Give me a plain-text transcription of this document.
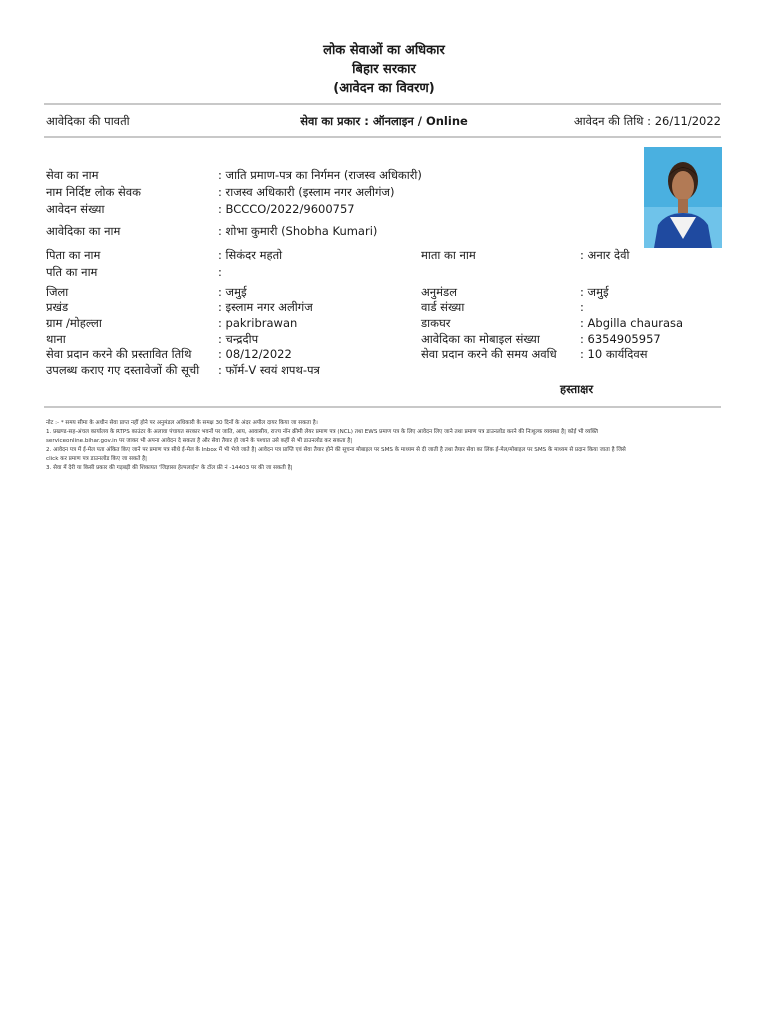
लोक सेवाओं का अधिकार
बिहार सरकार
(आवेदन का विवरण)
आवेदिका की पावती	सेवा का प्रकार : ऑनलाइन / Online	आवेदन की तिथि : 26/11/2022
सेवा का नाम	: जाति प्रमाण-पत्र का निर्गमन (राजस्व अधिकारी)
नाम निर्दिष्ट लोक सेवक	: राजस्व अधिकारी (इस्लाम नगर अलीगंज)
आवेदन संख्या	: BCCCO/2022/9600757
आवेदिका का नाम	: शोभा कुमारी (Shobha Kumari)
पिता का नाम	: सिकंदर महतो	माता का नाम	: अनार देवी
पति का नाम	:
जिला	: जमुई	अनुमंडल	: जमुई
प्रखंड	: इस्लाम नगर अलीगंज	वार्ड संख्या	:
ग्राम /मोहल्ला	: pakribrawan	डाकघर	: Abgilla chaurasa
थाना	: चन्द्रदीप	आवेदिका का मोबाइल संख्या	: 6354905957
सेवा प्रदान करने की प्रस्तावित तिथि : 08/12/2022	सेवा प्रदान करने की समय अवधि : 10 कार्यदिवस
उपलब्ध कराए गए दस्तावेजों की सूची : फॉर्म-V स्वयं शपथ-पत्र
हस्ताक्षर
नोट :- * समय सीमा के अधीन सेवा प्राप्त नहीं होने पर अनुमंडल अधिकारी के समक्ष 30 दिनों के अंदर अपील दायर किया जा सकता है।
1. प्रखण्ड-सह-अंचल कार्यालय के RTPS काउंटर के अलावा पंचायत सरकार भवनों पर जाति, आय, आवासीय, राज्य नॉन क्रीमी लेयर प्रमाण पत्र (NCL) तथा EWS प्रमाण पत्र के लिए आवेदन लिए जाने तथा प्रमाण पत्र डाउनलोड करने की निःशुल्क व्यवस्था है| कोई भी व्यक्ति
serviceonline.bihar.gov.in पर जाकर भी अपना आवेदन दे सकता है और सेवा तैयार हो जाने के पश्चात उसे कहीं से भी डाउनलोड कर सकता है|
2. आवेदन पत्र में ई-मेल पता अंकित किए जाने पर प्रमाण पत्र सीधे ई-मेल के Inbox में भी भेजे जाते है| आवेदन पत्र प्राप्ति एवं सेवा तैयार होने की सूचना मोबाइल पर SMS के माध्यम से दी जाती है तथा तैयार सेवा का लिंक ई-मेल/मोबाइल पर SMS के माध्यम से प्रदान किया जाता है जिसे
click कर प्रमाण पत्र डाउनलोड किए जा सकते है|
3. सेवा में देरी या किसी प्रकार की गड़बड़ी की शिकायत 'जिज्ञासा हेल्पलाईन' के टॉल फ्री नं -14403 पर की जा सकती है|
